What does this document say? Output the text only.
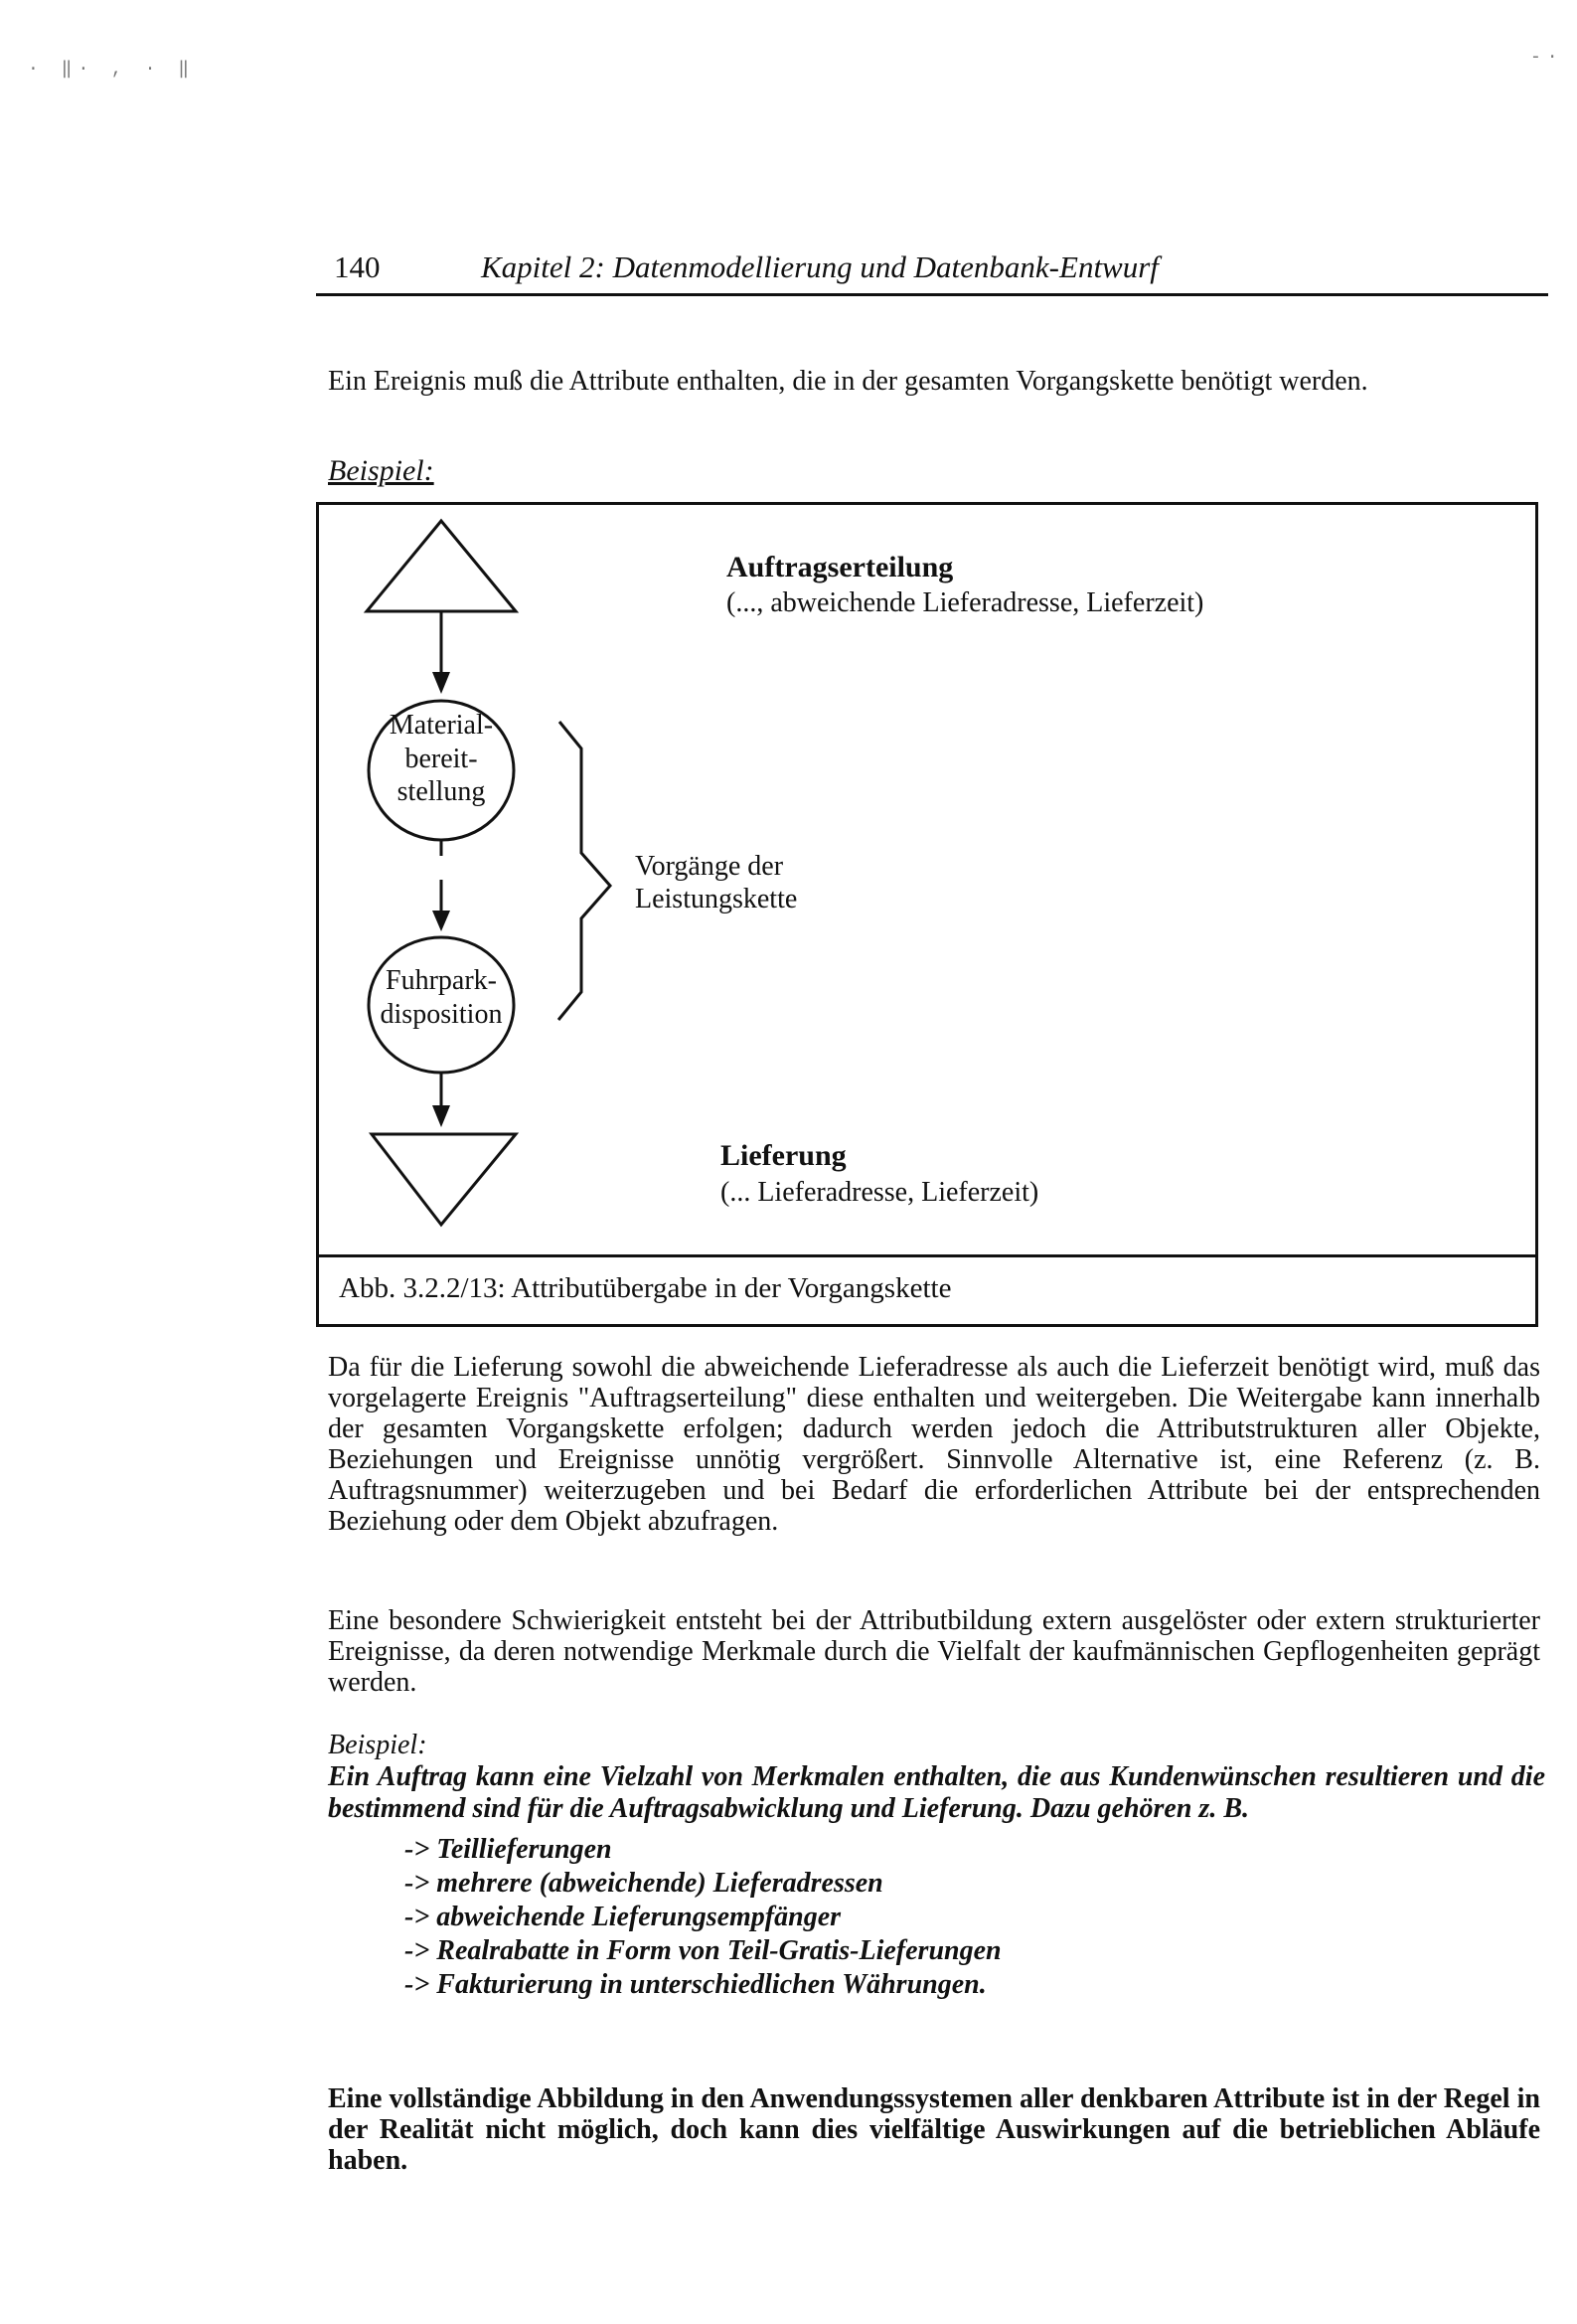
· ‖· , · ‖
-·
140	Kapitel 2: Datenmodellierung und Datenbank-Entwurf

Ein Ereignis muß die Attribute enthalten, die in der gesamten Vorgangskette benötigt werden.

Beispiel:
Material-
bereit-
stellung
Fuhrpark-
disposition
Auftragserteilung
(..., abweichende Lieferadresse, Lieferzeit)
Vorgänge der
Leistungskette
Lieferung
(... Lieferadresse, Lieferzeit)
Abb. 3.2.2/13: Attributübergabe in der Vorgangskette

Da für die Lieferung sowohl die abweichende Lieferadresse als auch die Lieferzeit benötigt wird, muß das vorgelagerte Ereignis "Auftragserteilung" diese enthalten und weitergeben. Die Weitergabe kann innerhalb der gesamten Vorgangskette erfolgen; dadurch werden jedoch die Attributstrukturen aller Objekte, Beziehungen und Ereignisse unnötig vergrößert. Sinnvolle Alternative ist, eine Referenz (z. B. Auftragsnummer) weiterzugeben und bei Bedarf die erforderlichen Attribute bei der entsprechenden Beziehung oder dem Objekt abzufragen.

Eine besondere Schwierigkeit entsteht bei der Attributbildung extern ausgelöster oder extern strukturierter Ereignisse, da deren notwendige Merkmale durch die Vielfalt der kaufmännischen Gepflogenheiten geprägt werden.

Beispiel:
Ein Auftrag kann eine Vielzahl von Merkmalen enthalten, die aus Kundenwünschen resultieren und die bestimmend sind für die Auftragsabwicklung und Lieferung. Dazu gehören z. B.
-> Teillieferungen
-> mehrere (abweichende) Lieferadressen
-> abweichende Lieferungsempfänger
-> Realrabatte in Form von Teil-Gratis-Lieferungen
-> Fakturierung in unterschiedlichen Währungen.

Eine vollständige Abbildung in den Anwendungssystemen aller denkbaren Attribute ist in der Regel in der Realität nicht möglich, doch kann dies vielfältige Auswirkungen auf die betrieblichen Abläufe haben.
